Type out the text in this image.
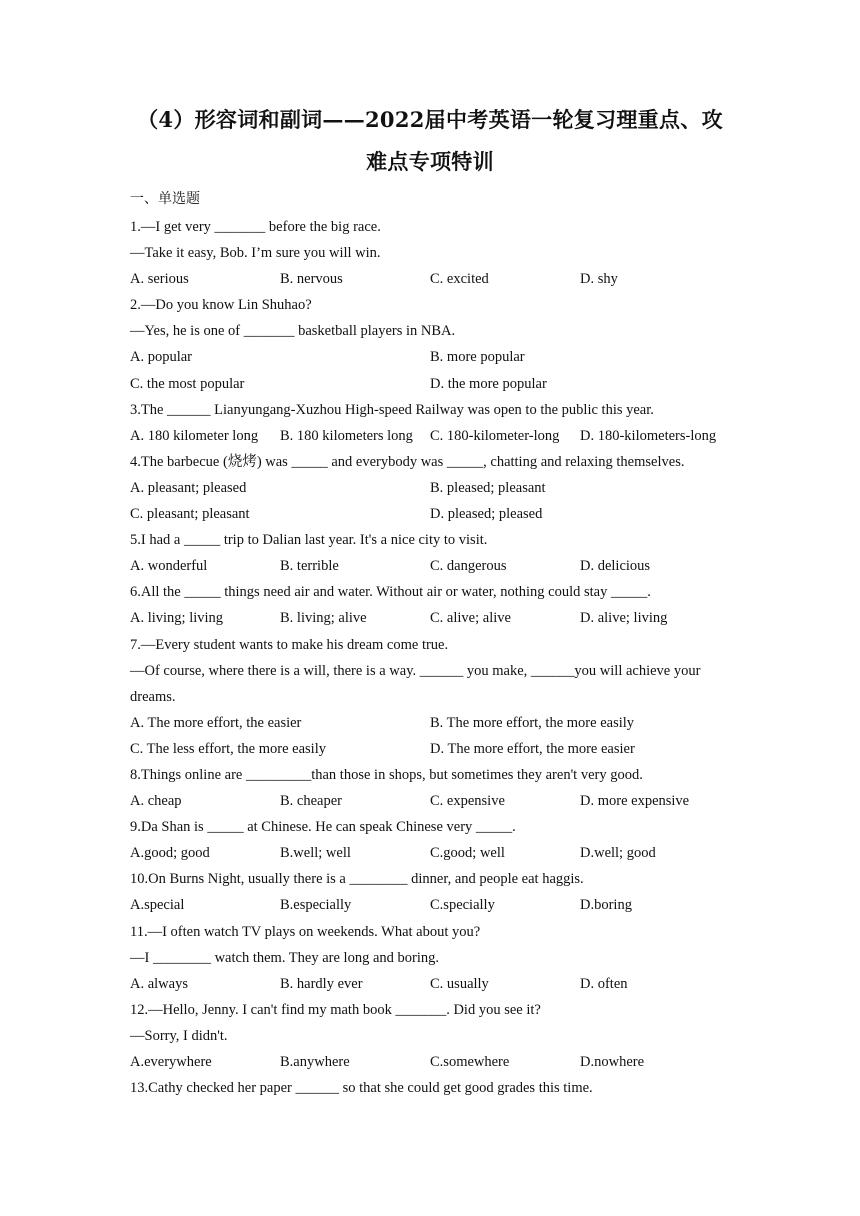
（4）形容词和副词——2022届中考英语一轮复习理重点、攻
难点专项特训
一、单选题
1.—I get very _______ before the big race.
—Take it easy, Bob. I’m sure you will win.
A. serious	B. nervous	C. excited	D. shy
2.—Do you know Lin Shuhao?
—Yes, he is one of _______ basketball players in NBA.
A. popular	B. more popular
C. the most popular	D. the more popular
3.The ______ Lianyungang-Xuzhou High-speed Railway was open to the public this year.
A. 180 kilometer long	B. 180 kilometers long	C. 180-kilometer-long	D. 180-kilometers-long
4.The barbecue (烧烤) was _____ and everybody was _____, chatting and relaxing themselves.
A. pleasant; pleased	B. pleased; pleasant
C. pleasant; pleasant	D. pleased; pleased
5.I had a _____ trip to Dalian last year. It's a nice city to visit.
A. wonderful	B. terrible	C. dangerous	D. delicious
6.All the _____ things need air and water. Without air or water, nothing could stay _____.
A. living; living	B. living; alive	C. alive; alive	D. alive; living
7.—Every student wants to make his dream come true.
—Of course, where there is a will, there is a way. ______ you make, ______you will achieve your
dreams.
A. The more effort, the easier	B. The more effort, the more easily
C. The less effort, the more easily	D. The more effort, the more easier
8.Things online are _________than those in shops, but sometimes they aren't very good.
A. cheap	B. cheaper	C. expensive	D. more expensive
9.Da Shan is _____ at Chinese. He can speak Chinese very _____.
A.good; good	B.well; well	C.good; well	D.well; good
10.On Burns Night, usually there is a ________ dinner, and people eat haggis.
A.special	B.especially	C.specially	D.boring
11.—I often watch TV plays on weekends. What about you?
—I ________ watch them. They are long and boring.
A. always	B. hardly ever	C. usually	D. often
12.—Hello, Jenny. I can't find my math book _______. Did you see it?
—Sorry, I didn't.
A.everywhere	B.anywhere	C.somewhere	D.nowhere
13.Cathy checked her paper ______ so that she could get good grades this time.
